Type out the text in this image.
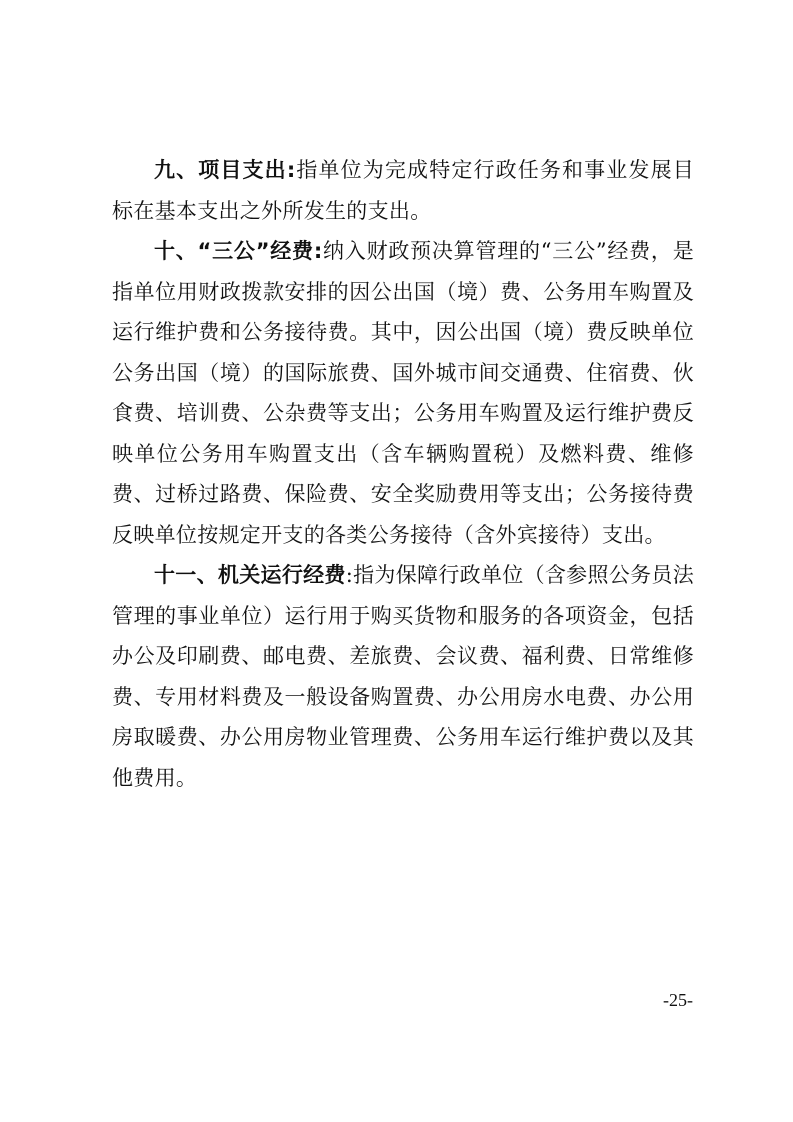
九、项目支出:指单位为完成特定行政任务和事业发展目标在基本支出之外所发生的支出。

十、“三公”经费:纳入财政预决算管理的“三公”经费，是指单位用财政拨款安排的因公出国（境）费、公务用车购置及运行维护费和公务接待费。其中，因公出国（境）费反映单位公务出国（境）的国际旅费、国外城市间交通费、住宿费、伙食费、培训费、公杂费等支出；公务用车购置及运行维护费反映单位公务用车购置支出（含车辆购置税）及燃料费、维修费、过桥过路费、保险费、安全奖励费用等支出；公务接待费反映单位按规定开支的各类公务接待（含外宾接待）支出。

十一、机关运行经费:指为保障行政单位（含参照公务员法管理的事业单位）运行用于购买货物和服务的各项资金，包括办公及印刷费、邮电费、差旅费、会议费、福利费、日常维修费、专用材料费及一般设备购置费、办公用房水电费、办公用房取暖费、办公用房物业管理费、公务用车运行维护费以及其他费用。

-25-
